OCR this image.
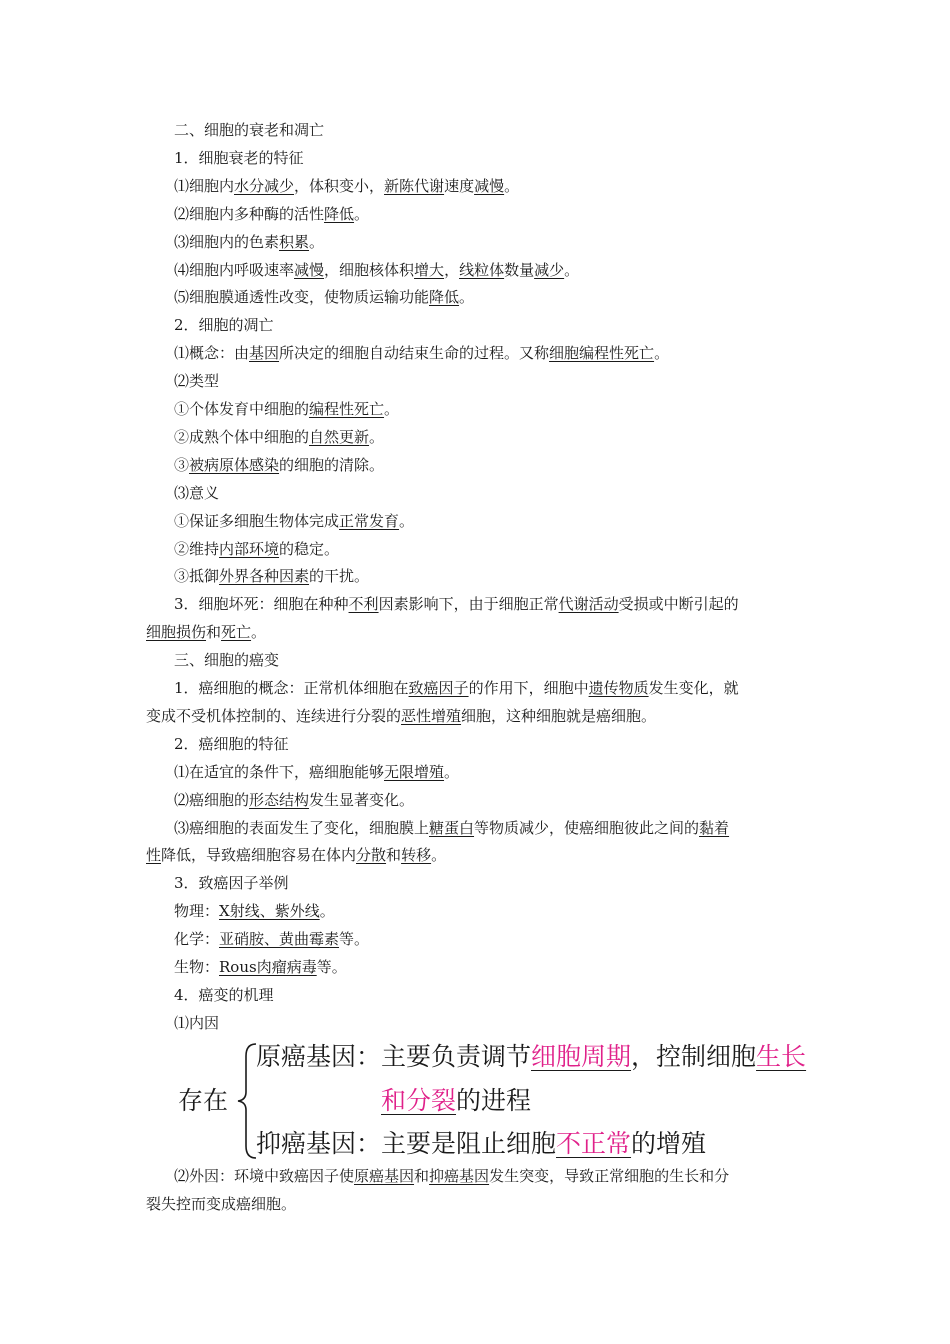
二、细胞的衰老和凋亡
1．细胞衰老的特征
⑴细胞内水分减少，体积变小，新陈代谢速度减慢。
⑵细胞内多种酶的活性降低。
⑶细胞内的色素积累。
⑷细胞内呼吸速率减慢，细胞核体积增大，线粒体数量减少。
⑸细胞膜通透性改变，使物质运输功能降低。
2．细胞的凋亡
⑴概念：由基因所决定的细胞自动结束生命的过程。又称细胞编程性死亡。
⑵类型
①个体发育中细胞的编程性死亡。
②成熟个体中细胞的自然更新。
③被病原体感染的细胞的清除。
⑶意义
①保证多细胞生物体完成正常发育。
②维持内部环境的稳定。
③抵御外界各种因素的干扰。
3．细胞坏死：细胞在种种不利因素影响下，由于细胞正常代谢活动受损或中断引起的
细胞损伤和死亡。
三、细胞的癌变
1．癌细胞的概念：正常机体细胞在致癌因子的作用下，细胞中遗传物质发生变化，就
变成不受机体控制的、连续进行分裂的恶性增殖细胞，这种细胞就是癌细胞。
2．癌细胞的特征
⑴在适宜的条件下，癌细胞能够无限增殖。
⑵癌细胞的形态结构发生显著变化。
⑶癌细胞的表面发生了变化，细胞膜上糖蛋白等物质减少，使癌细胞彼此之间的黏着
性降低，导致癌细胞容易在体内分散和转移。
3．致癌因子举例
物理：X射线、紫外线。
化学：亚硝胺、黄曲霉素等。
生物：Rous肉瘤病毒等。
4．癌变的机理
⑴内因
存在
原癌基因：主要负责调节细胞周期，控制细胞生长
和分裂的进程
抑癌基因：主要是阻止细胞不正常的增殖
⑵外因：环境中致癌因子使原癌基因和抑癌基因发生突变，导致正常细胞的生长和分
裂失控而变成癌细胞。
